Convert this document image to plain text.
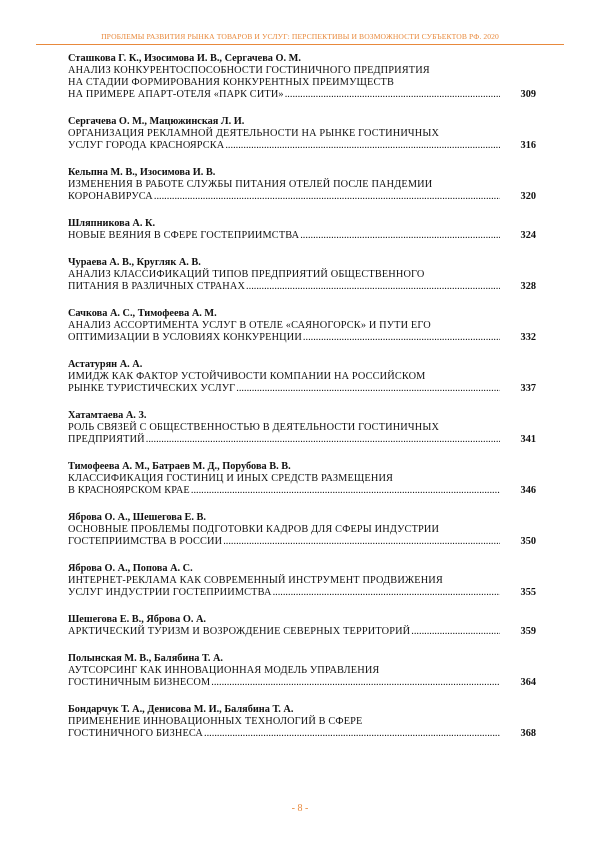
ПРОБЛЕМЫ РАЗВИТИЯ РЫНКА ТОВАРОВ И УСЛУГ: ПЕРСПЕКТИВЫ И ВОЗМОЖНОСТИ СУБЪЕКТОВ РФ. 2020
Сташкова Г. К., Изосимова И. В., Сергачева О. М.
АНАЛИЗ КОНКУРЕНТОСПОСОБНОСТИ ГОСТИНИЧНОГО ПРЕДПРИЯТИЯ
НА СТАДИИ ФОРМИРОВАНИЯ КОНКУРЕНТНЫХ ПРЕИМУЩЕСТВ
НА ПРИМЕРЕ АПАРТ-ОТЕЛЯ «ПАРК СИТИ» .....	309
Сергачева О. М., Мацюжинская Л. И.
ОРГАНИЗАЦИЯ РЕКЛАМНОЙ ДЕЯТЕЛЬНОСТИ НА РЫНКЕ ГОСТИНИЧНЫХ
УСЛУГ ГОРОДА КРАСНОЯРСКА .....	316
Кельпна М. В., Изосимова И. В.
ИЗМЕНЕНИЯ В РАБОТЕ СЛУЖБЫ ПИТАНИЯ ОТЕЛЕЙ ПОСЛЕ ПАНДЕМИИ
КОРОНАВИРУСА .....	320
Шляпникова А. К.
НОВЫЕ ВЕЯНИЯ В СФЕРЕ ГОСТЕПРИИМСТВА .....	324
Чураева А. В., Кругляк А. В.
АНАЛИЗ КЛАССИФИКАЦИЙ ТИПОВ ПРЕДПРИЯТИЙ ОБЩЕСТВЕННОГО
ПИТАНИЯ В РАЗЛИЧНЫХ СТРАНАХ .....	328
Сачкова А. С., Тимофеева А. М.
АНАЛИЗ АССОРТИМЕНТА УСЛУГ В ОТЕЛЕ «САЯНОГОРСК» И ПУТИ ЕГО
ОПТИМИЗАЦИИ В УСЛОВИЯХ КОНКУРЕНЦИИ .....	332
Астатурян А. А.
ИМИДЖ КАК ФАКТОР УСТОЙЧИВОСТИ КОМПАНИИ НА РОССИЙСКОМ
РЫНКЕ ТУРИСТИЧЕСКИХ УСЛУГ .....	337
Хатамтаева А. З.
РОЛЬ СВЯЗЕЙ С ОБЩЕСТВЕННОСТЬЮ В ДЕЯТЕЛЬНОСТИ ГОСТИНИЧНЫХ
ПРЕДПРИЯТИЙ .....	341
Тимофеева А. М., Батраев М. Д., Порубова В. В.
КЛАССИФИКАЦИЯ ГОСТИНИЦ И ИНЫХ СРЕДСТВ РАЗМЕЩЕНИЯ
В КРАСНОЯРСКОМ КРАЕ .....	346
Яброва О. А., Шешегова Е. В.
ОСНОВНЫЕ ПРОБЛЕМЫ ПОДГОТОВКИ КАДРОВ ДЛЯ СФЕРЫ ИНДУСТРИИ
ГОСТЕПРИИМСТВА В РОССИИ .....	350
Яброва О. А., Попова А. С.
ИНТЕРНЕТ-РЕКЛАМА КАК СОВРЕМЕННЫЙ ИНСТРУМЕНТ ПРОДВИЖЕНИЯ
УСЛУГ ИНДУСТРИИ ГОСТЕПРИИМСТВА .....	355
Шешегова Е. В., Яброва О. А.
АРКТИЧЕСКИЙ ТУРИЗМ И ВОЗРОЖДЕНИЕ СЕВЕРНЫХ ТЕРРИТОРИЙ .....	359
Полынская М. В., Балябина Т. А.
АУТСОРСИНГ КАК ИННОВАЦИОННАЯ МОДЕЛЬ УПРАВЛЕНИЯ
ГОСТИНИЧНЫМ БИЗНЕСОМ .....	364
Бондарчук Т. А., Денисова М. И., Балябина Т. А.
ПРИМЕНЕНИЕ ИННОВАЦИОННЫХ ТЕХНОЛОГИЙ В СФЕРЕ
ГОСТИНИЧНОГО БИЗНЕСА .....	368
- 8 -
